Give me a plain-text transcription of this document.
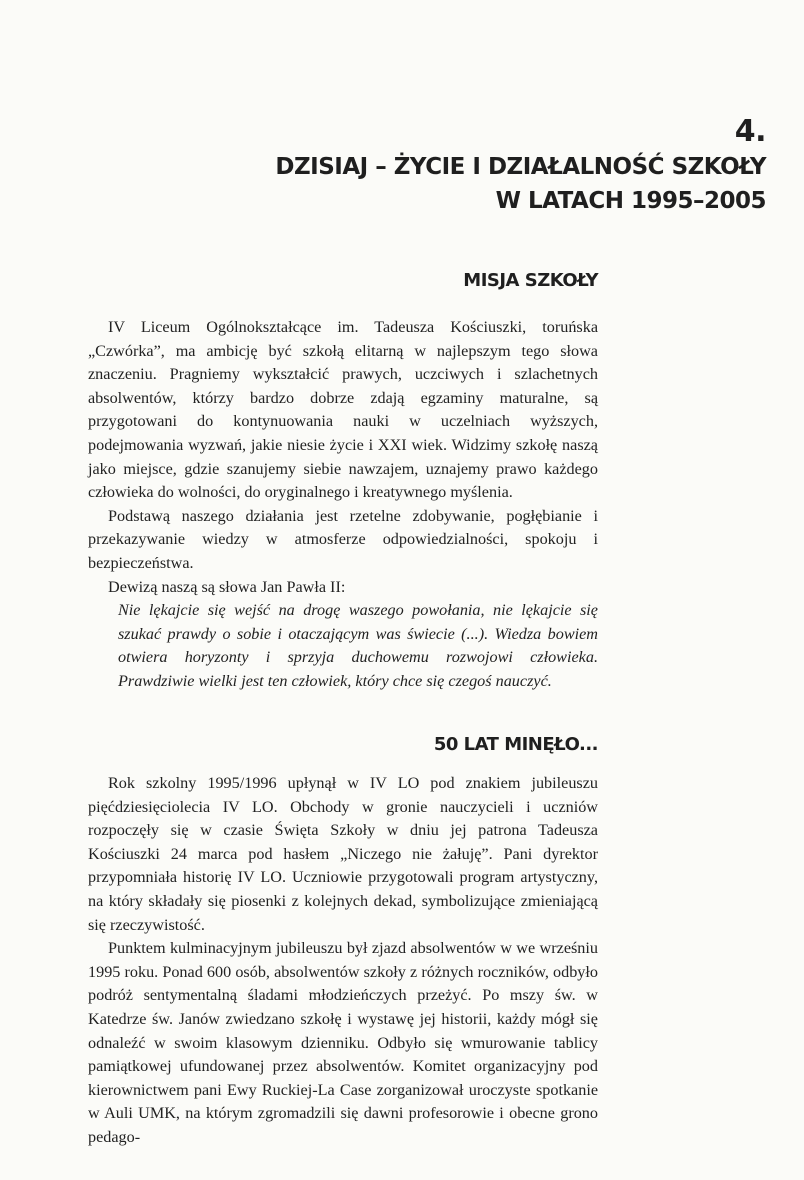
4.
DZISIAJ – ŻYCIE I DZIAŁALNOŚĆ SZKOŁY
W LATACH 1995–2005
MISJA SZKOŁY

IV Liceum Ogólnokształcące im. Tadeusza Kościuszki, toruńska „Czwórka”, ma ambicję być szkołą elitarną w najlepszym tego słowa znaczeniu. Pragniemy wykształcić prawych, uczciwych i szlachetnych absolwentów, którzy bardzo dobrze zdają egzaminy maturalne, są przygotowani do kontynuowania nauki w uczelniach wyższych, podejmowania wyzwań, jakie niesie życie i XXI wiek. Widzimy szkołę naszą jako miejsce, gdzie szanujemy siebie nawzajem, uznajemy prawo każdego człowieka do wolności, do oryginalnego i kreatywnego myślenia.

Podstawą naszego działania jest rzetelne zdobywanie, pogłębianie i przekazywanie wiedzy w atmosferze odpowiedzialności, spokoju i bezpieczeństwa.

Dewizą naszą są słowa Jan Pawła II:

Nie lękajcie się wejść na drogę waszego powołania, nie lękajcie się szukać prawdy o sobie i otaczającym was świecie (...). Wiedza bowiem otwiera horyzonty i sprzyja duchowemu rozwojowi człowieka. Prawdziwie wielki jest ten człowiek, który chce się czegoś nauczyć.

50 LAT MINĘŁO...

Rok szkolny 1995/1996 upłynął w IV LO pod znakiem jubileuszu pięćdziesięciolecia IV LO. Obchody w gronie nauczycieli i uczniów rozpoczęły się w czasie Święta Szkoły w dniu jej patrona Tadeusza Kościuszki 24 marca pod hasłem „Niczego nie żałuję”. Pani dyrektor przypomniała historię IV LO. Uczniowie przygotowali program artystyczny, na który składały się piosenki z kolejnych dekad, symbolizujące zmieniającą się rzeczywistość.

Punktem kulminacyjnym jubileuszu był zjazd absolwentów w we wrześniu 1995 roku. Ponad 600 osób, absolwentów szkoły z różnych roczników, odbyło podróż sentymentalną śladami młodzieńczych przeżyć. Po mszy św. w Katedrze św. Janów zwiedzano szkołę i wystawę jej historii, każdy mógł się odnaleźć w swoim klasowym dzienniku. Odbyło się wmurowanie tablicy pamiątkowej ufundowanej przez absolwentów. Komitet organizacyjny pod kierownictwem pani Ewy Ruckiej-La Case zorganizował uroczyste spotkanie w Auli UMK, na którym zgromadzili się dawni profesorowie i obecne grono pedago-
